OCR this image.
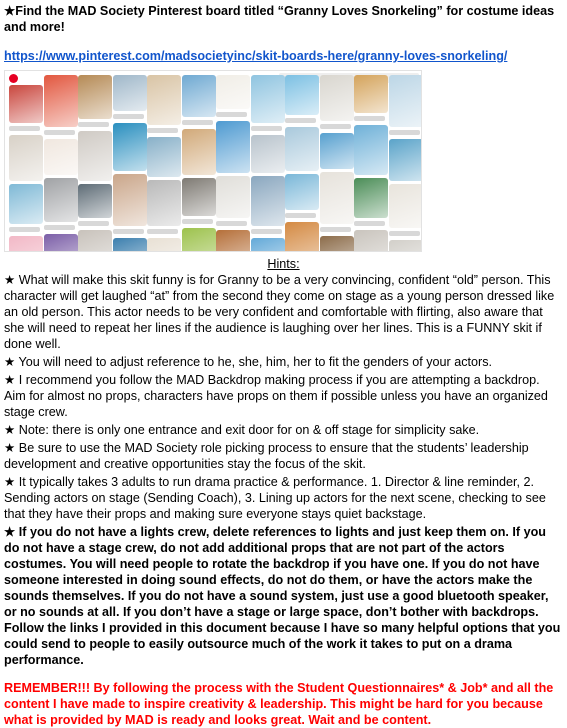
★Find the MAD Society Pinterest board titled “Granny Loves Snorkeling” for costume ideas and more!

https://www.pinterest.com/madsocietyinc/skit-boards-here/granny-loves-snorkeling/

Hints:

★ What will make this skit funny is for Granny to be a very convincing, confident “old” person. This character will get laughed “at” from the second they come on stage as a young person dressed like an old person. This actor needs to be very confident and comfortable with flirting, also aware that she will need to repeat her lines if the audience is laughing over her lines. This is a FUNNY skit if done well.

★ You will need to adjust reference to he, she, him, her to fit the genders of your actors.

★ I recommend you follow the MAD Backdrop making process if you are attempting a backdrop. Aim for almost no props, characters have props on them if possible unless you have an organized stage crew.

★ Note: there is only one entrance and exit door for on & off stage for simplicity sake.

★ Be sure to use the MAD Society role picking process to ensure that the students’ leadership development and creative opportunities stay the focus of the skit.

★ It typically takes 3 adults to run drama practice & performance. 1. Director & line reminder, 2. Sending actors on stage (Sending Coach), 3. Lining up actors for the next scene, checking to see that they have their props and making sure everyone stays quiet backstage.

★ If you do not have a lights crew, delete references to lights and just keep them on. If you do not have a stage crew, do not add additional props that are not part of the actors costumes. You will need people to rotate the backdrop if you have one. If you do not have someone interested in doing sound effects, do not do them, or have the actors make the sounds themselves. If you do not have a sound system, just use a good bluetooth speaker, or no sounds at all. If you don’t have a stage or large space, don’t bother with backdrops. Follow the links I provided in this document because I have so many helpful options that you could send to people to easily outsource much of the work it takes to put on a drama performance.

REMEMBER!!! By following the process with the Student Questionnaires* & Job* and all the content I have made to inspire creativity & leadership. This might be hard for you because what is provided by MAD is ready and looks great. Wait and be content.
